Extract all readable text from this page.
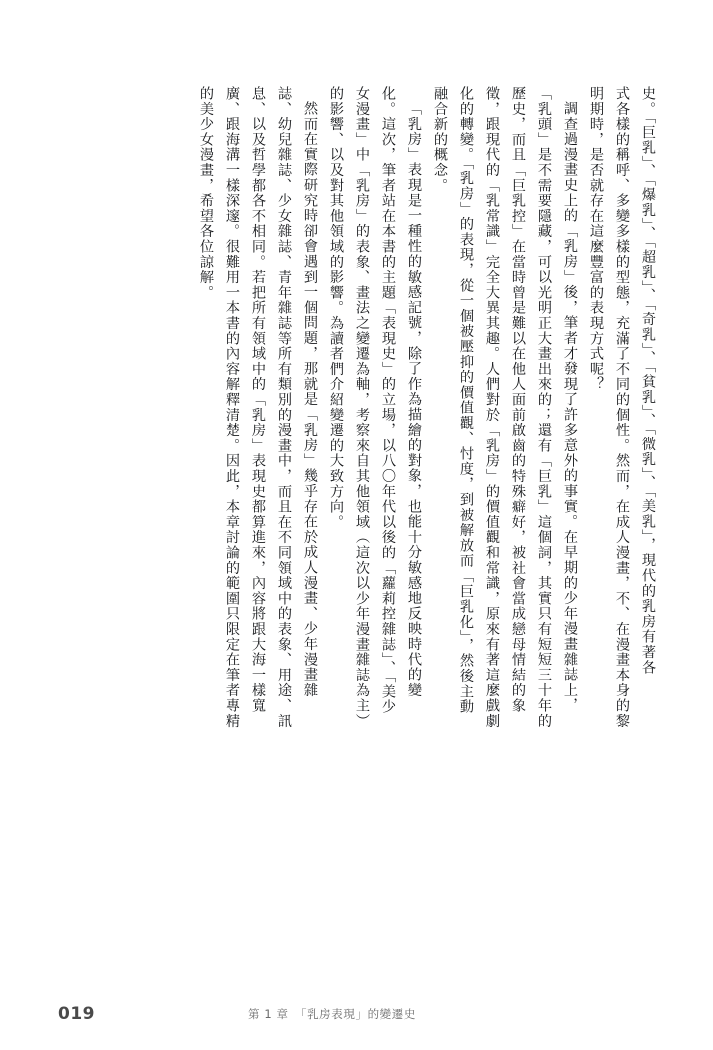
史。「巨乳」、「爆乳」、「超乳」、「奇乳」、「貧乳」、「微乳」、「美乳」，現代的乳房有著各
式各樣的稱呼、多變多樣的型態，充滿了不同的個性。然而，在成人漫畫，不、在漫畫本身的黎
明期時，是否就存在這麼豐富的表現方式呢？
調查過漫畫史上的「乳房」後，筆者才發現了許多意外的事實。在早期的少年漫畫雜誌上，
「乳頭」是不需要隱藏，可以光明正大畫出來的；還有「巨乳」這個詞，其實只有短短三十年的
歷史，而且「巨乳控」在當時曾是難以在他人面前啟齒的特殊癖好，被社會當成戀母情結的象
徵，跟現代的「乳常識」完全大異其趣。人們對於「乳房」的價值觀和常識，原來有著這麼戲劇
化的轉變。「乳房」的表現，從一個被壓抑的價值觀、忖度，到被解放而「巨乳化」，然後主動
融合新的概念。
「乳房」表現是一種性的敏感記號，除了作為描繪的對象，也能十分敏感地反映時代的變
化。這次，筆者站在本書的主題「表現史」的立場，以八〇年代以後的「蘿莉控雜誌」、「美少
女漫畫」中「乳房」的表象、畫法之變遷為軸，考察來自其他領域（這次以少年漫畫雜誌為主）
的影響、以及對其他領域的影響。為讀者們介紹變遷的大致方向。
然而在實際研究時卻會遇到一個問題，那就是「乳房」幾乎存在於成人漫畫、少年漫畫雜
誌、幼兒雜誌、少女雜誌、青年雜誌等所有類別的漫畫中，而且在不同領域中的表象、用途、訊
息、以及哲學都各不相同。若把所有領域中的「乳房」表現史都算進來，內容將跟大海一樣寬
廣、跟海溝一樣深邃。很難用一本書的內容解釋清楚。因此，本章討論的範圍只限定在筆者專精
的美少女漫畫，希望各位諒解。
019	第 1 章　「乳房表現」的變遷史
